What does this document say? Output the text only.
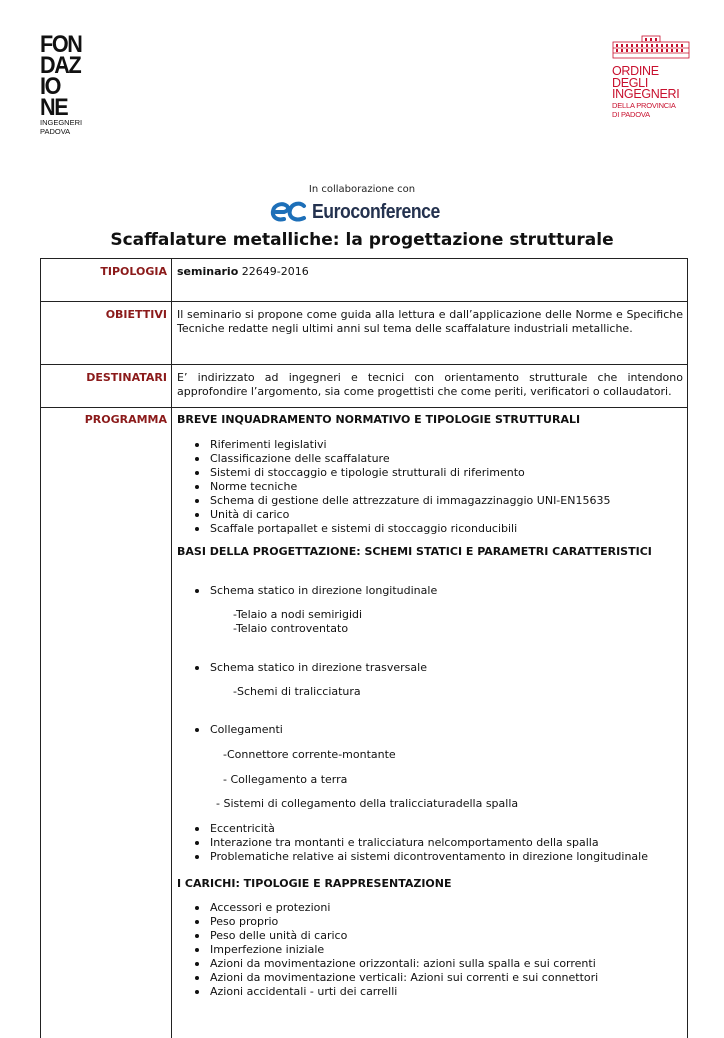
FON
DAZ
IO
NE
INGEGNERI
PADOVA
ORDINE
DEGLI
INGEGNERI
DELLA PROVINCIA
DI PADOVA
In collaborazione con
Euroconference
Scaffalature metalliche: la progettazione strutturale
TIPOLOGIA seminario 22649-2016
OBIETTIVI Il seminario si propone come guida alla lettura e dall’applicazione delle Norme e Specifiche Tecniche redatte negli ultimi anni sul tema delle scaffalature industriali metalliche.
DESTINATARI E’ indirizzato ad ingegneri e tecnici con orientamento strutturale che intendono approfondire l’argomento, sia come progettisti che come periti, verificatori o collaudatori.
PROGRAMMA BREVE INQUADRAMENTO NORMATIVO E TIPOLOGIE STRUTTURALI
Riferimenti legislativi
Classificazione delle scaffalature
Sistemi di stoccaggio e tipologie strutturali di riferimento
Norme tecniche
Schema di gestione delle attrezzature di immagazzinaggio UNI-EN15635
Unità di carico
Scaffale portapallet e sistemi di stoccaggio riconducibili
BASI DELLA PROGETTAZIONE: SCHEMI STATICI E PARAMETRI CARATTERISTICI
Schema statico in direzione longitudinale
-Telaio a nodi semirigidi
-Telaio controventato
Schema statico in direzione trasversale
-Schemi di tralicciatura
Collegamenti
-Connettore corrente-montante
- Collegamento a terra
- Sistemi di collegamento della tralicciaturadella spalla
Eccentricità
Interazione tra montanti e tralicciatura nelcomportamento della spalla
Problematiche relative ai sistemi dicontroventamento in direzione longitudinale
I CARICHI: TIPOLOGIE E RAPPRESENTAZIONE
Accessori e protezioni
Peso proprio
Peso delle unità di carico
Imperfezione iniziale
Azioni da movimentazione orizzontali: azioni sulla spalla e sui correnti
Azioni da movimentazione verticali: Azioni sui correnti e sui connettori
Azioni accidentali - urti dei carrelli
